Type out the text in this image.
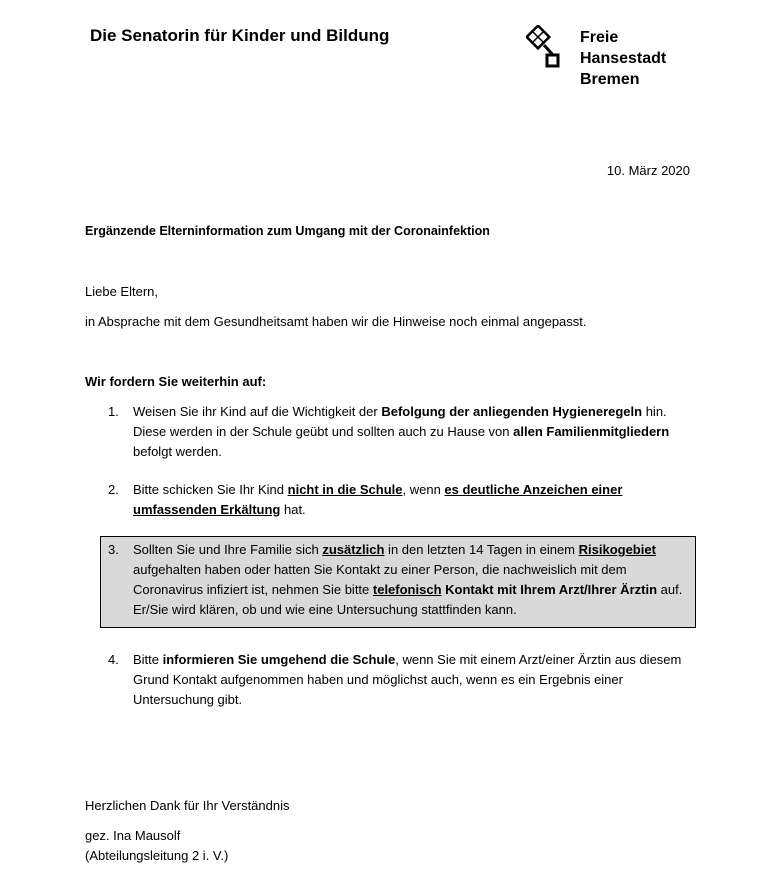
Die Senatorin für Kinder und Bildung	Freie
Hansestadt
Bremen
10. März 2020
Ergänzende Elterninformation zum Umgang mit der Coronainfektion
Liebe Eltern,
in Absprache mit dem Gesundheitsamt haben wir die Hinweise noch einmal angepasst.
Wir fordern Sie weiterhin auf:
1. Weisen Sie ihr Kind auf die Wichtigkeit der Befolgung der anliegenden Hygieneregeln hin. Diese werden in der Schule geübt und sollten auch zu Hause von allen Familienmitgliedern befolgt werden.
2. Bitte schicken Sie Ihr Kind nicht in die Schule, wenn es deutliche Anzeichen einer umfassenden Erkältung hat.
3. Sollten Sie und Ihre Familie sich zusätzlich in den letzten 14 Tagen in einem Risikogebiet aufgehalten haben oder hatten Sie Kontakt zu einer Person, die nachweislich mit dem Coronavirus infiziert ist, nehmen Sie bitte telefonisch Kontakt mit Ihrem Arzt/Ihrer Ärztin auf. Er/Sie wird klären, ob und wie eine Untersuchung stattfinden kann.
4. Bitte informieren Sie umgehend die Schule, wenn Sie mit einem Arzt/einer Ärztin aus diesem Grund Kontakt aufgenommen haben und möglichst auch, wenn es ein Ergebnis einer Untersuchung gibt.
Herzlichen Dank für Ihr Verständnis
gez. Ina Mausolf
(Abteilungsleitung 2 i. V.)
